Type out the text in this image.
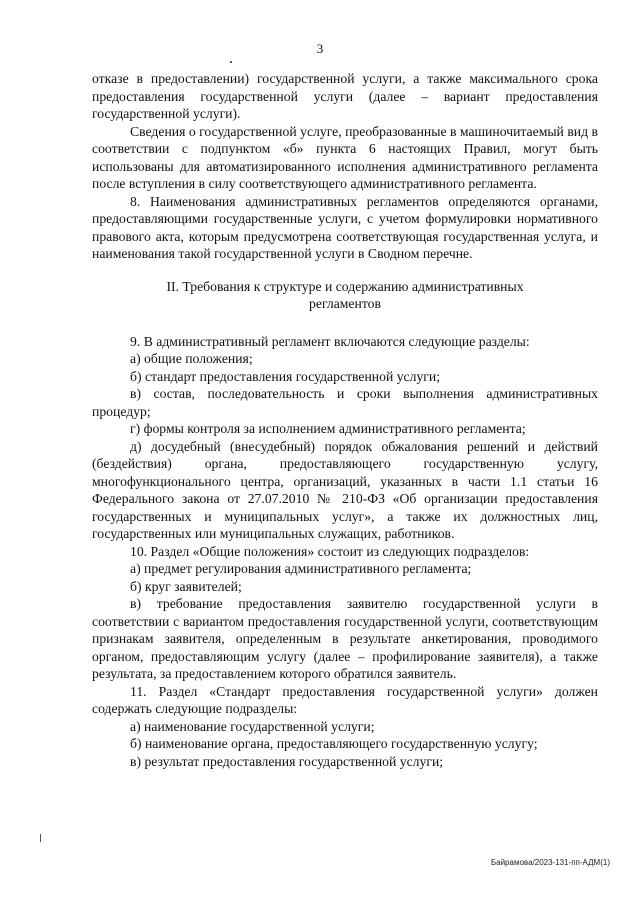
3

отказе в предоставлении) государственной услуги, а также максимального срока предоставления государственной услуги (далее – вариант предоставления государственной услуги).

Сведения о государственной услуге, преобразованные в машиночитаемый вид в соответствии с подпунктом «б» пункта 6 настоящих Правил, могут быть использованы для автоматизированного исполнения административного регламента после вступления в силу соответствующего административного регламента.

8. Наименования административных регламентов определяются органами, предоставляющими государственные услуги, с учетом формулировки нормативного правового акта, которым предусмотрена соответствующая государственная услуга, и наименования такой государственной услуги в Сводном перечне.

II. Требования к структуре и содержанию административных регламентов

9. В административный регламент включаются следующие разделы:

а) общие положения;

б) стандарт предоставления государственной услуги;

в) состав, последовательность и сроки выполнения административных процедур;

г) формы контроля за исполнением административного регламента;

д) досудебный (внесудебный) порядок обжалования решений и действий (бездействия) органа, предоставляющего государственную услугу, многофункционального центра, организаций, указанных в части 1.1 статьи 16 Федерального закона от 27.07.2010 № 210-ФЗ «Об организации предоставления государственных и муниципальных услуг», а также их должностных лиц, государственных или муниципальных служащих, работников.

10. Раздел «Общие положения» состоит из следующих подразделов:

а) предмет регулирования административного регламента;

б) круг заявителей;

в) требование предоставления заявителю государственной услуги в соответствии с вариантом предоставления государственной услуги, соответствующим признакам заявителя, определенным в результате анкетирования, проводимого органом, предоставляющим услугу (далее – профилирование заявителя), а также результата, за предоставлением которого обратился заявитель.

11. Раздел «Стандарт предоставления государственной услуги» должен содержать следующие подразделы:

а) наименование государственной услуги;

б) наименование органа, предоставляющего государственную услугу;

в) результат предоставления государственной услуги;

Байрамова/2023-131-пп-АДМ(1)
